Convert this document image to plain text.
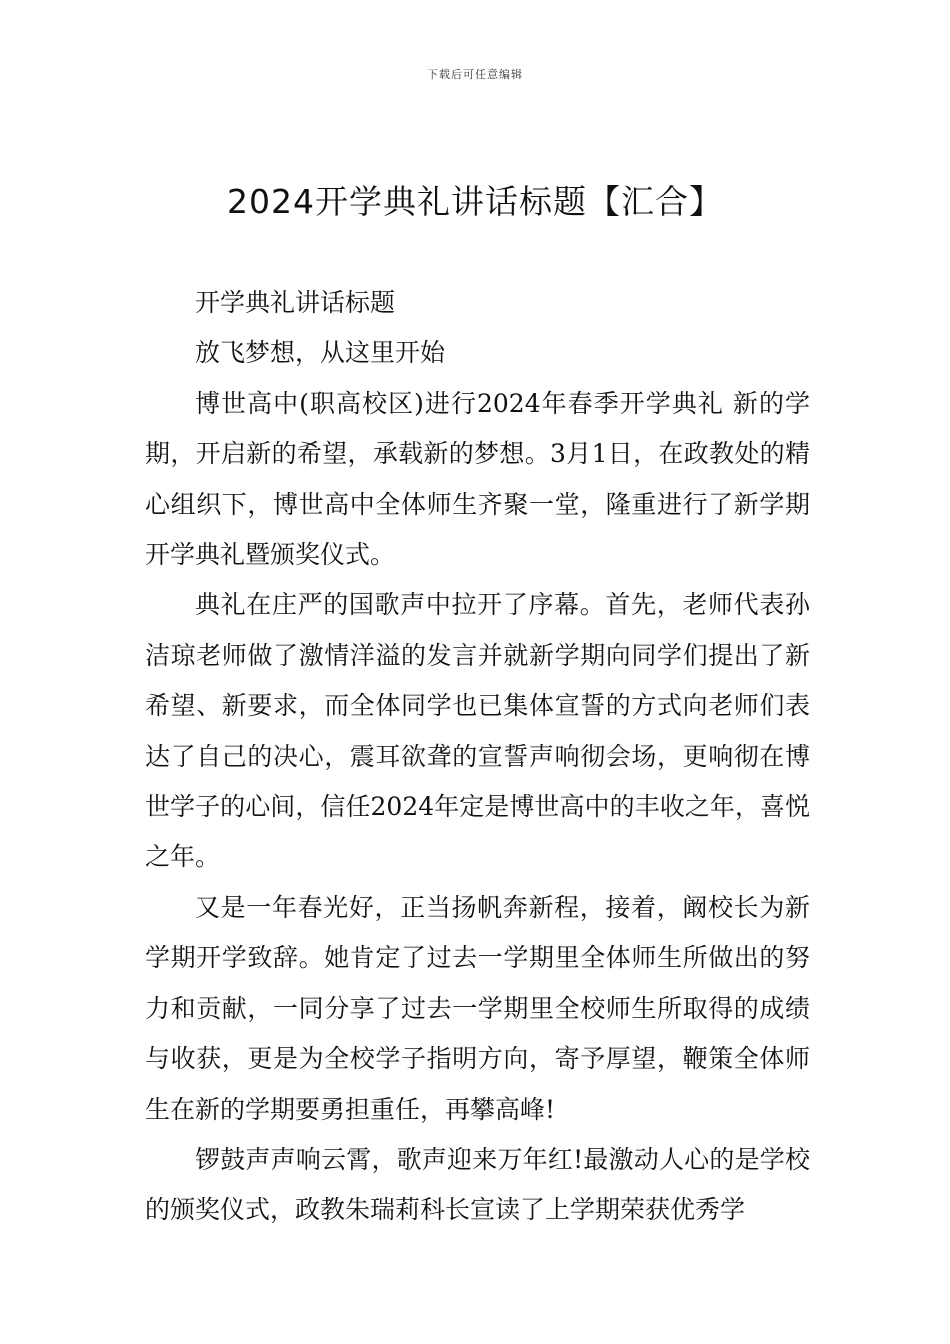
下载后可任意编辑
2024开学典礼讲话标题【汇合】

开学典礼讲话标题

放飞梦想，从这里开始

博世高中(职高校区)进行2024年春季开学典礼 新的学期，开启新的希望，承载新的梦想。3月1日，在政教处的精心组织下，博世高中全体师生齐聚一堂，隆重进行了新学期开学典礼暨颁奖仪式。

典礼在庄严的国歌声中拉开了序幕。首先，老师代表孙洁琼老师做了激情洋溢的发言并就新学期向同学们提出了新希望、新要求，而全体同学也已集体宣誓的方式向老师们表达了自己的决心，震耳欲聋的宣誓声响彻会场，更响彻在博世学子的心间，信任2024年定是博世高中的丰收之年，喜悦之年。

又是一年春光好，正当扬帆奔新程，接着，阚校长为新学期开学致辞。她肯定了过去一学期里全体师生所做出的努力和贡献，一同分享了过去一学期里全校师生所取得的成绩与收获，更是为全校学子指明方向，寄予厚望，鞭策全体师生在新的学期要勇担重任，再攀高峰!

锣鼓声声响云霄，歌声迎来万年红!最激动人心的是学校的颁奖仪式，政教朱瑞莉科长宣读了上学期荣获优秀学
